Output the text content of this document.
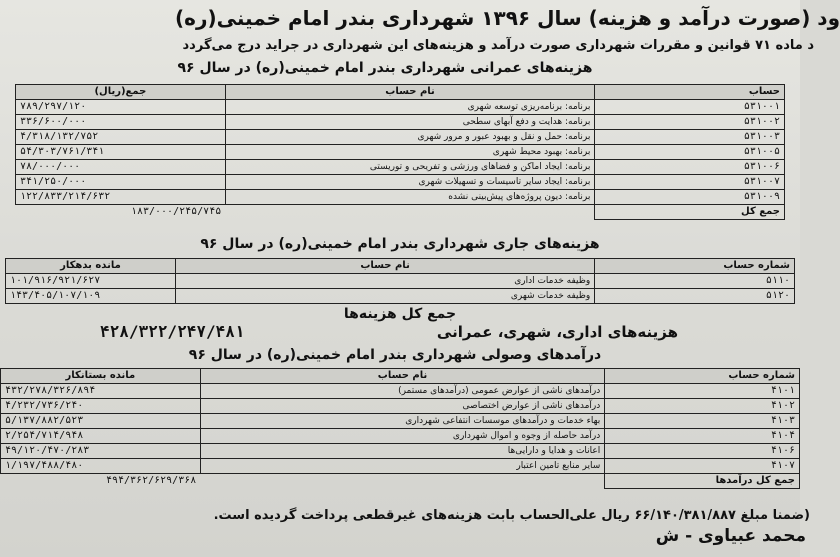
ود (صورت درآمد و هزینه) سال ۱۳۹۶ شهرداری بندر امام خمینی(ره)
د ماده ۷۱ قوانین و مقررات شهرداری صورت درآمد و هزینه‌های این شهرداری در جراید درج می‌گردد
هزینه‌های عمرانی شهرداری بندر امام خمینی(ره) در سال ۹۶
حساب	نام حساب	جمع(ریال)
۵۳۱۰۰۱	برنامه: برنامه‌ریزی توسعه شهری	۷۸۹/۲۹۷/۱۲۰
۵۳۱۰۰۲	برنامه: هدایت و دفع آبهای سطحی	۳۳۶/۶۰۰/۰۰۰
۵۳۱۰۰۳	برنامه: حمل و نقل و بهبود عبور و مرور شهری	۴/۳۱۸/۱۳۲/۷۵۲
۵۳۱۰۰۵	برنامه: بهبود محیط شهری	۵۴/۳۰۳/۷۶۱/۳۴۱
۵۳۱۰۰۶	برنامه: ایجاد اماکن و فضاهای ورزشی و تفریحی و توریستی	۷۸/۰۰۰/۰۰۰
۵۳۱۰۰۷	برنامه: ایجاد سایر تاسیسات و تسهیلات شهری	۳۴۱/۲۵۰/۰۰۰
۵۳۱۰۰۹	برنامه: دیون پروژه‌های پیش‌بینی نشده	۱۲۲/۸۳۳/۲۱۴/۶۳۲
جمع کل		۱۸۳/۰۰۰/۲۴۵/۷۴۵
هزینه‌های جاری شهرداری بندر امام خمینی(ره) در سال ۹۶
شماره حساب	نام حساب	مانده بدهکار
۵۱۱۰	وظیفه خدمات اداری	۱۰۱/۹۱۶/۹۲۱/۶۲۷
۵۱۲۰	وظیفه خدمات شهری	۱۴۳/۴۰۵/۱۰۷/۱۰۹
جمع کل هزینه‌ها
هزینه‌های اداری، شهری، عمرانی
۴۲۸/۳۲۲/۲۴۷/۴۸۱
درآمدهای وصولی شهرداری بندر امام خمینی(ره) در سال ۹۶
شماره حساب	نام حساب	مانده بستانکار
۴۱۰۱	درآمدهای ناشی از عوارض عمومی (درآمدهای مستمر)	۴۳۲/۲۷۸/۳۲۶/۸۹۴
۴۱۰۲	درآمدهای ناشی از عوارض اختصاصی	۴/۲۳۲/۷۳۶/۲۴۰
۴۱۰۳	بهاء خدمات و درآمدهای موسسات انتفاعی شهرداری	۵/۱۳۷/۸۸۲/۵۲۳
۴۱۰۴	درآمد حاصله از وجوه و اموال شهرداری	۲/۲۵۴/۷۱۴/۹۴۸
۴۱۰۶	اعانات و هدایا و دارایی‌ها	۴۹/۱۲۰/۴۷۰/۲۸۳
۴۱۰۷	سایر منابع تامین اعتبار	۱/۱۹۷/۴۸۸/۴۸۰
جمع کل درآمدها		۴۹۴/۳۶۲/۶۲۹/۳۶۸
(ضمنا مبلغ ۶۶/۱۴۰/۳۸۱/۸۸۷ ریال علی‌الحساب بابت هزینه‌های غیرقطعی پرداخت گردیده است.
محمد عبیاوی - ش
